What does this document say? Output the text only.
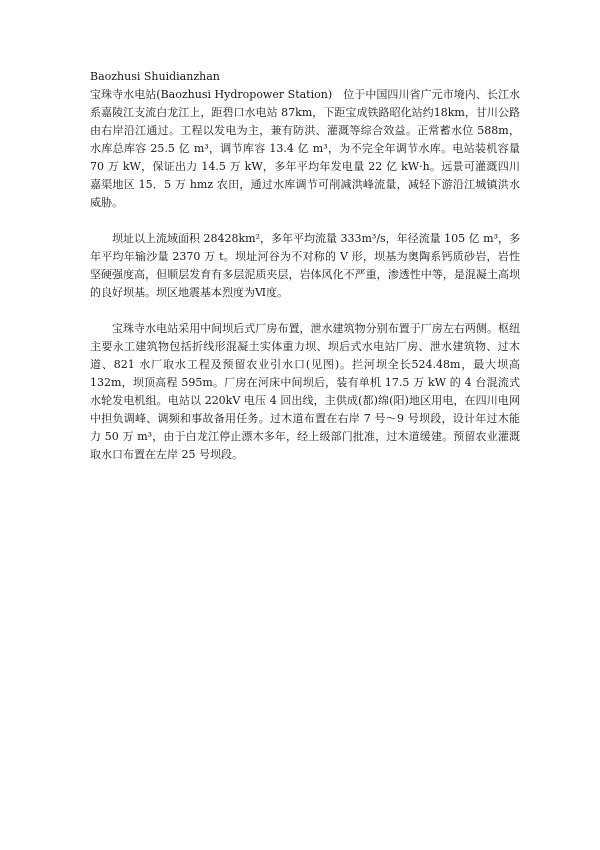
Baozhusi Shuidianzhan

宝珠寺水电站(Baozhusi Hydropower Station)　位于中国四川省广元市境内、长江水系嘉陵江支流白龙江上，距碧口水电站 87km，下距宝成铁路昭化站约18km，甘川公路由右岸沿江通过。工程以发电为主，兼有防洪、灌溉等综合效益。正常蓄水位 588m，水库总库容 25.5 亿 m³，调节库容 13.4 亿 m³，为不完全年调节水库。电站装机容量 70 万 kW，保证出力 14.5 万 kW，多年平均年发电量 22 亿 kW·h。远景可灌溉四川嘉渠地区 15．5 万 hmz 农田，通过水库调节可削减洪峰流量，减轻下游沿江城镇洪水威胁。

坝址以上流域面积 28428km²，多年平均流量 333m³/s，年径流量 105 亿 m³，多年平均年输沙量 2370 万 t。坝址河谷为不对称的 V 形，坝基为奥陶系钙质砂岩，岩性坚硬强度高，但顺层发育有多层泥质夹层，岩体风化不严重，渗透性中等，是混凝土高坝的良好坝基。坝区地震基本烈度为Ⅵ度。

宝珠寺水电站采用中间坝后式厂房布置，泄水建筑物分别布置于厂房左右两侧。枢纽主要永工建筑物包括折线形混凝土实体重力坝、坝后式水电站厂房、泄水建筑物、过木道、821 水厂取水工程及预留农业引水口(见图)。拦河坝全长524.48m，最大坝高 132m，坝顶高程 595m。厂房在河床中间坝后，装有单机 17.5 万 kW 的 4 台混流式水轮发电机组。电站以 220kV 电压 4 回出线，主供成(都)绵(阳)地区用电，在四川电网中担负调峰、调频和事故备用任务。过木道布置在右岸 7 号～9 号坝段，设计年过木能力 50 万 m³，由于白龙江停止漂木多年，经上级部门批准，过木道缓建。预留农业灌溉取水口布置在左岸 25 号坝段。
